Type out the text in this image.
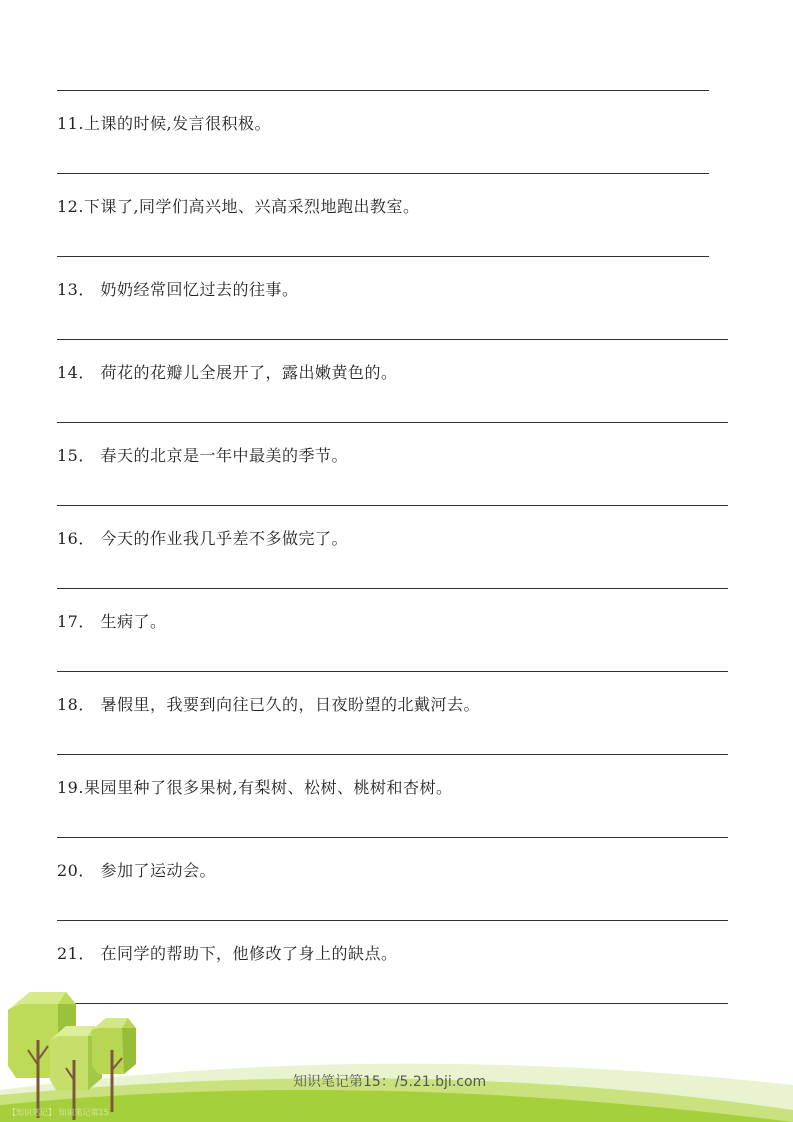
11.上课的时候,发言很积极。
12.下课了,同学们高兴地、兴高采烈地跑出教室。
13． 奶奶经常回忆过去的往事。
14． 荷花的花瓣儿全展开了，露出嫩黄色的。
15． 春天的北京是一年中最美的季节。
16． 今天的作业我几乎差不多做完了。
17． 生病了。
18． 暑假里，我要到向往已久的，日夜盼望的北戴河去。
19.果园里种了很多果树,有梨树、松树、桃树和杏树。
20． 参加了运动会。
21． 在同学的帮助下，他修改了身上的缺点。
知识笔记第15：/5.21.bji.com
【知识笔记】 知识笔记第15
